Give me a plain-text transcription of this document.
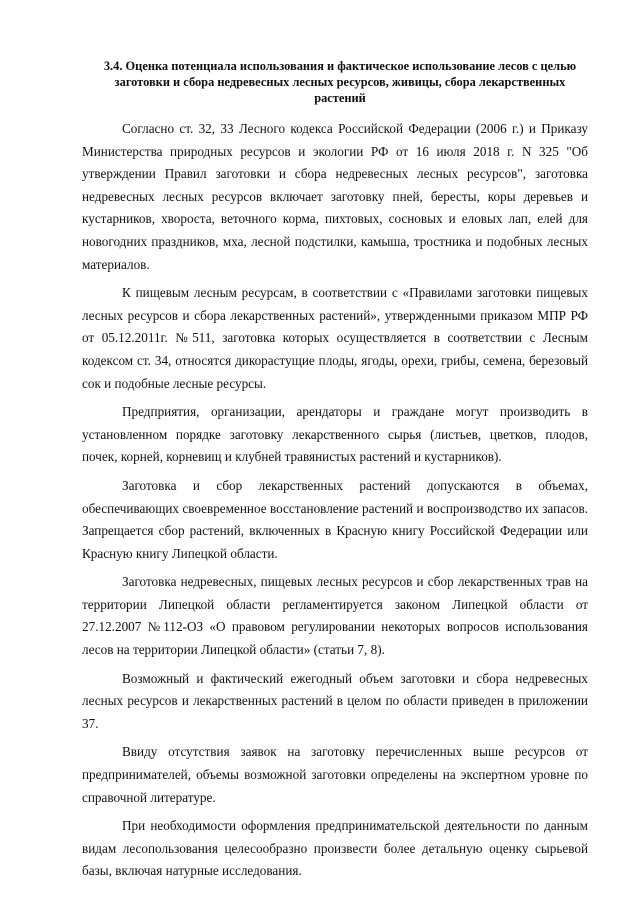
3.4. Оценка потенциала использования и фактическое использование лесов с целью заготовки и сбора недревесных лесных ресурсов, живицы, сбора лекарственных растений

Согласно ст. 32, 33 Лесного кодекса Российской Федерации (2006 г.) и Приказу Министерства природных ресурсов и экологии РФ от 16 июля 2018 г. N 325 "Об утверждении Правил заготовки и сбора недревесных лесных ресурсов", заготовка недревесных лесных ресурсов включает заготовку пней, бересты, коры деревьев и кустарников, хвороста, веточного корма, пихтовых, сосновых и еловых лап, елей для новогодних праздников, мха, лесной подстилки, камыша, тростника и подобных лесных материалов.

К пищевым лесным ресурсам, в соответствии с «Правилами заготовки пищевых лесных ресурсов и сбора лекарственных растений», утвержденными приказом МПР РФ от 05.12.2011г. №511, заготовка которых осуществляется в соответствии с Лесным кодексом ст. 34, относятся дикорастущие плоды, ягоды, орехи, грибы, семена, березовый сок и подобные лесные ресурсы.

Предприятия, организации, арендаторы и граждане могут производить в установленном порядке заготовку лекарственного сырья (листьев, цветков, плодов, почек, корней, корневищ и клубней травянистых растений и кустарников).

Заготовка и сбор лекарственных растений допускаются в объемах, обеспечивающих своевременное восстановление растений и воспроизводство их запасов. Запрещается сбор растений, включенных в Красную книгу Российской Федерации или Красную книгу Липецкой области.

Заготовка недревесных, пищевых лесных ресурсов и сбор лекарственных трав на территории Липецкой области регламентируется законом Липецкой области от 27.12.2007 №112-ОЗ «О правовом регулировании некоторых вопросов использования лесов на территории Липецкой области» (статьи 7, 8).

Возможный и фактический ежегодный объем заготовки и сбора недревесных лесных ресурсов и лекарственных растений в целом по области приведен в приложении 37.

Ввиду отсутствия заявок на заготовку перечисленных выше ресурсов от предпринимателей, объемы возможной заготовки определены на экспертном уровне по справочной литературе.

При необходимости оформления предпринимательской деятельности по данным видам лесопользования целесообразно произвести более детальную оценку сырьевой базы, включая натурные исследования.
